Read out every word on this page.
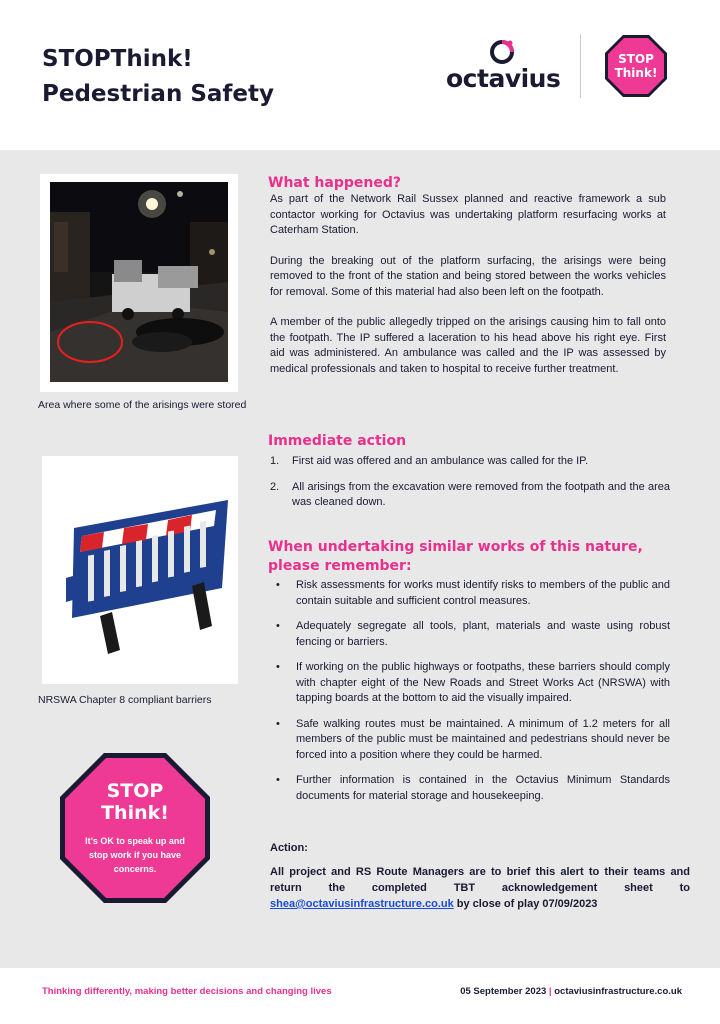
STOPThink!
Pedestrian Safety
octavius
STOP
Think!
Area where some of the arisings were stored
NRSWA Chapter 8 compliant barriers
STOP
Think!
It’s OK to speak up and stop work if you have concerns.
What happened?

As part of the Network Rail Sussex planned and reactive framework a sub contactor working for Octavius was undertaking platform resurfacing works at Caterham Station.

During the breaking out of the platform surfacing, the arisings were being removed to the front of the station and being stored between the works vehicles for removal. Some of this material had also been left on the footpath.

A member of the public allegedly tripped on the arisings causing him to fall onto the footpath. The IP suffered a laceration to his head above his right eye. First aid was administered. An ambulance was called and the IP was assessed by medical professionals and taken to hospital to receive further treatment.

Immediate action
1. First aid was offered and an ambulance was called for the IP.
2. All arisings from the excavation were removed from the footpath and the area was cleaned down.
When undertaking similar works of this nature, please remember:
• Risk assessments for works must identify risks to members of the public and contain suitable and sufficient control measures.
• Adequately segregate all tools, plant, materials and waste using robust fencing or barriers.
• If working on the public highways or footpaths, these barriers should comply with chapter eight of the New Roads and Street Works Act (NRSWA) with tapping boards at the bottom to aid the visually impaired.
• Safe walking routes must be maintained. A minimum of 1.2 meters for all members of the public must be maintained and pedestrians should never be forced into a position where they could be harmed.
• Further information is contained in the Octavius Minimum Standards documents for material storage and housekeeping.
Action:
All project and RS Route Managers are to brief this alert to their teams and return the completed TBT acknowledgement sheet to shea@octaviusinfrastructure.co.uk by close of play 07/09/2023
Thinking differently, making better decisions and changing lives	05 September 2023 | octaviusinfrastructure.co.uk
